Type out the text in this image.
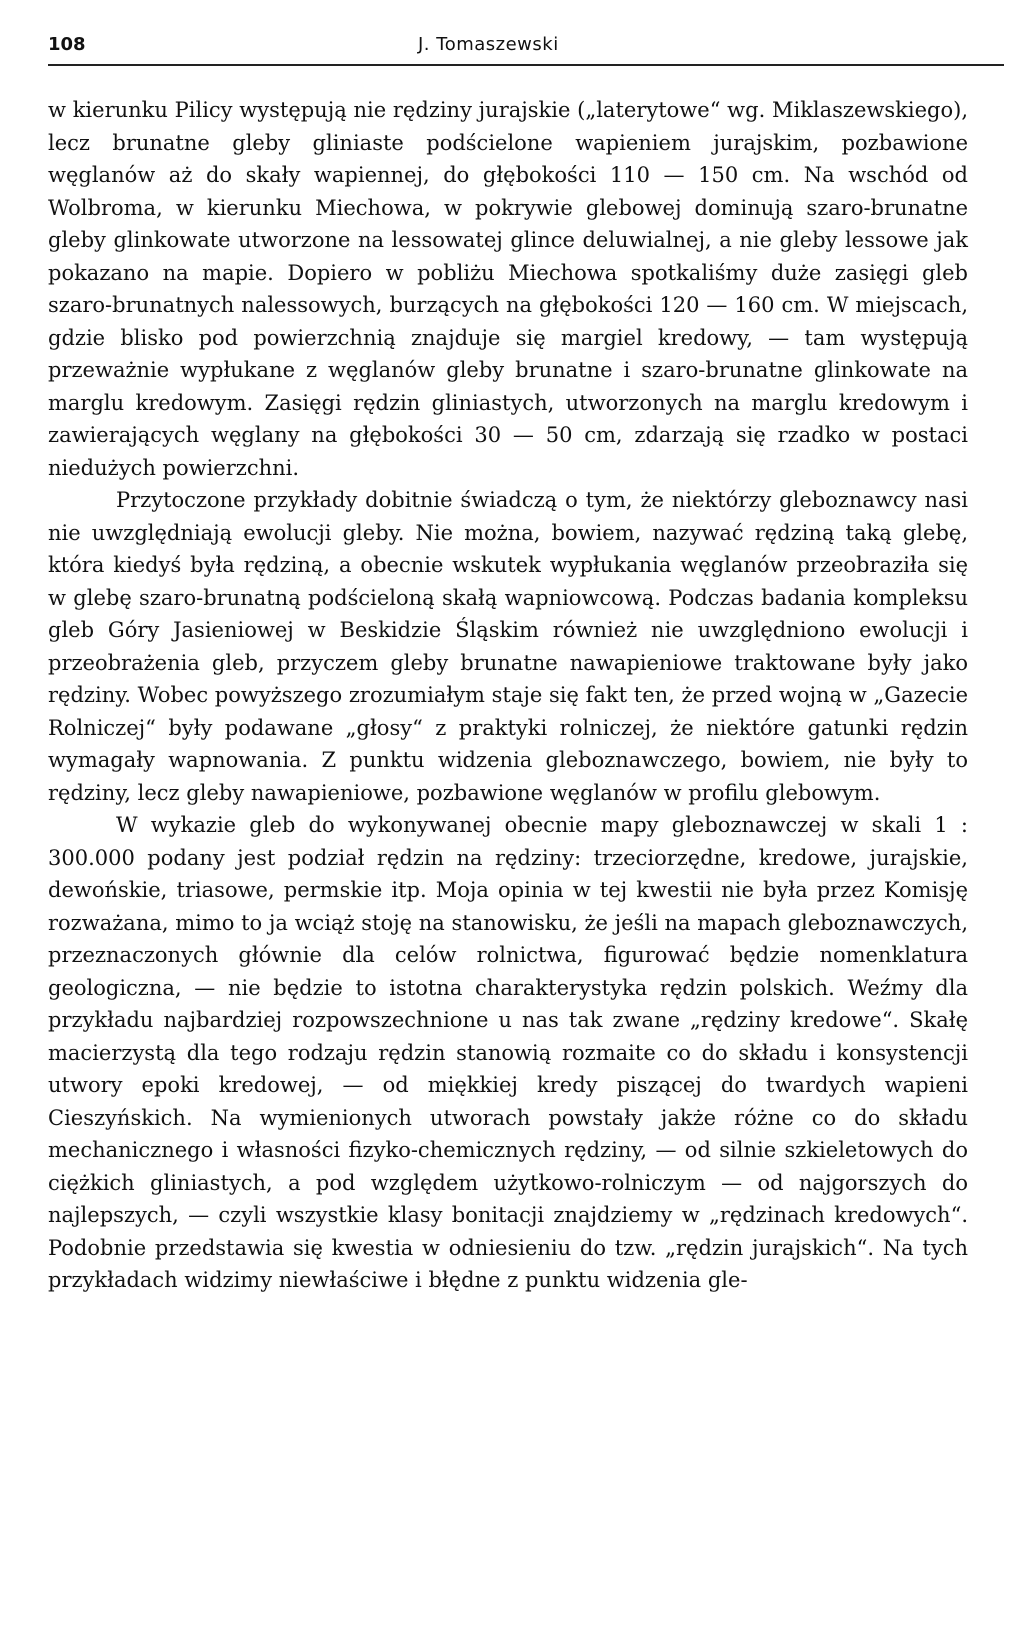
108	J. Tomaszewski

w kierunku Pilicy występują nie rędziny jurajskie („laterytowe“ wg. Miklaszewskiego), lecz brunatne gleby gliniaste podścielone wapieniem jurajskim, pozbawione węglanów aż do skały wapiennej, do głębokości 110 — 150 cm. Na wschód od Wolbroma, w kierunku Miechowa, w pokrywie glebowej dominują szaro-brunatne gleby glinkowate utworzone na lessowatej glince deluwialnej, a nie gleby lessowe jak pokazano na mapie. Dopiero w pobliżu Miechowa spotkaliśmy duże zasięgi gleb szaro-brunatnych nalessowych, burzących na głębokości 120 — 160 cm. W miejscach, gdzie blisko pod powierzchnią znajduje się margiel kredowy, — tam występują przeważnie wypłukane z węglanów gleby brunatne i szaro-brunatne glinkowate na marglu kredowym. Zasięgi rędzin gliniastych, utworzonych na marglu kredowym i zawierających węglany na głębokości 30 — 50 cm, zdarzają się rzadko w postaci niedużych powierzchni.

Przytoczone przykłady dobitnie świadczą o tym, że niektórzy gleboznawcy nasi nie uwzględniają ewolucji gleby. Nie można, bowiem, nazywać rędziną taką glebę, która kiedyś była rędziną, a obecnie wskutek wypłukania węglanów przeobraziła się w glebę szaro-brunatną podścieloną skałą wapniowcową. Podczas badania kompleksu gleb Góry Jasieniowej w Beskidzie Śląskim również nie uwzględniono ewolucji i przeobrażenia gleb, przyczem gleby brunatne nawapieniowe traktowane były jako rędziny. Wobec powyższego zrozumiałym staje się fakt ten, że przed wojną w „Gazecie Rolniczej“ były podawane „głosy“ z praktyki rolniczej, że niektóre gatunki rędzin wymagały wapnowania. Z punktu widzenia gleboznawczego, bowiem, nie były to rędziny, lecz gleby nawapieniowe, pozbawione węglanów w profilu glebowym.

W wykazie gleb do wykonywanej obecnie mapy gleboznawczej w skali 1 : 300.000 podany jest podział rędzin na rędziny: trzeciorzędne, kredowe, jurajskie, dewońskie, triasowe, permskie itp. Moja opinia w tej kwestii nie była przez Komisję rozważana, mimo to ja wciąż stoję na stanowisku, że jeśli na mapach gleboznawczych, przeznaczonych głównie dla celów rolnictwa, figurować będzie nomenklatura geologiczna, — nie będzie to istotna charakterystyka rędzin polskich. Weźmy dla przykładu najbardziej rozpowszechnione u nas tak zwane „rędziny kredowe“. Skałę macierzystą dla tego rodzaju rędzin stanowią rozmaite co do składu i konsystencji utwory epoki kredowej, — od miękkiej kredy piszącej do twardych wapieni Cieszyńskich. Na wymienionych utworach powstały jakże różne co do składu mechanicznego i własności fizyko-chemicznych rędziny, — od silnie szkieletowych do ciężkich gliniastych, a pod względem użytkowo-rolniczym — od najgorszych do najlepszych, — czyli wszystkie klasy bonitacji znajdziemy w „rędzinach kredowych“. Podobnie przedstawia się kwestia w odniesieniu do tzw. „rędzin jurajskich“. Na tych przykładach widzimy niewłaściwe i błędne z punktu widzenia gle-
